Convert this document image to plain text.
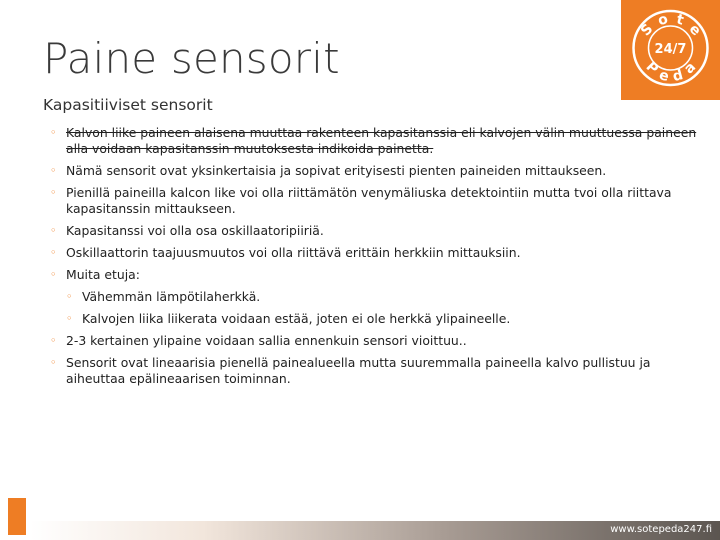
Paine sensorit
S
o t
e
P
e d
a
24/7
Kapasitiiviset sensorit
◦ Kalvon liike paineen alaisena muuttaa rakenteen kapasitanssia eli kalvojen välin muuttuessa paineen alla voidaan kapasitanssin muutoksesta indikoida painetta.
◦ Nämä sensorit ovat yksinkertaisia ja sopivat erityisesti pienten paineiden mittaukseen.
◦ Pienillä paineilla kalcon like voi olla riittämätön venymäliuska detektointiin mutta tvoi olla riittava kapasitanssin mittaukseen.
◦ Kapasitanssi voi olla osa oskillaatoripiiriä.
◦ Oskillaattorin taajuusmuutos voi olla riittävä erittäin herkkiin mittauksiin.
◦ Muita etuja:
◦ Vähemmän lämpötilaherkkä.
◦ Kalvojen liika liikerata voidaan estää, joten ei ole herkkä ylipaineelle.
◦ 2-3 kertainen ylipaine voidaan sallia ennenkuin sensori vioittuu..
◦ Sensorit ovat lineaarisia pienellä painealueella mutta suuremmalla paineella kalvo pullistuu ja aiheuttaa epälineaarisen toiminnan.
www.sotepeda247.fi
